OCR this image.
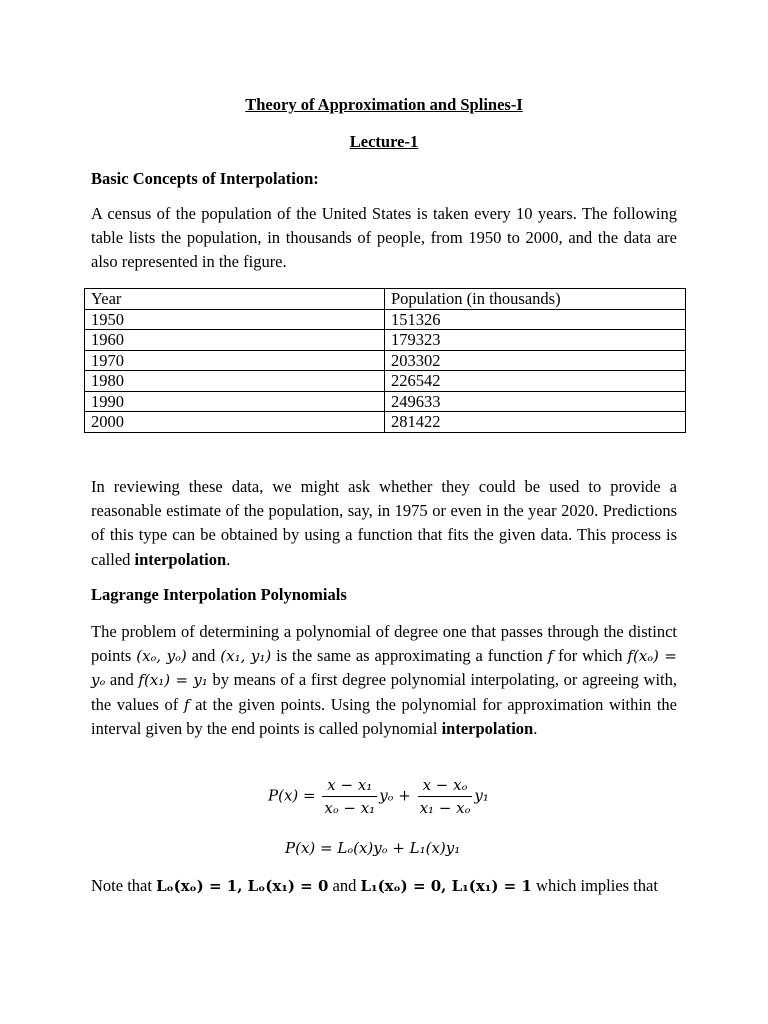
Theory of Approximation and Splines-I
Lecture-1
Basic Concepts of Interpolation:

A census of the population of the United States is taken every 10 years. The following table lists the population, in thousands of people, from 1950 to 2000, and the data are also represented in the figure.

Year	Population (in thousands)
1950	151326
1960	179323
1970	203302
1980	226542
1990	249633
2000	281422

In reviewing these data, we might ask whether they could be used to provide a reasonable estimate of the population, say, in 1975 or even in the year 2020. Predictions of this type can be obtained by using a function that fits the given data. This process is called interpolation.

Lagrange Interpolation Polynomials

The problem of determining a polynomial of degree one that passes through the distinct points (xₒ, yₒ) and (x₁, y₁) is the same as approximating a function f for which f(xₒ) = yₒ and f(x₁) = y₁ by means of a first degree polynomial interpolating, or agreeing with, the values of f at the given points. Using the polynomial for approximation within the interval given by the end points is called polynomial interpolation.

$P(x) = \frac{\text{x − x₁}}{\text{xₒ − x₁}}$ $y_o + \frac{\text{x − xₒ}}{\text{x₁ − xₒ}} y_1$
P(x) = Lₒ(x)yₒ + L₁(x)y₁
Note that Lₒ(xₒ) = 1, Lₒ(x₁) = 0 and L₁(xₒ) = 0, L₁(x₁) = 1 which implies that
